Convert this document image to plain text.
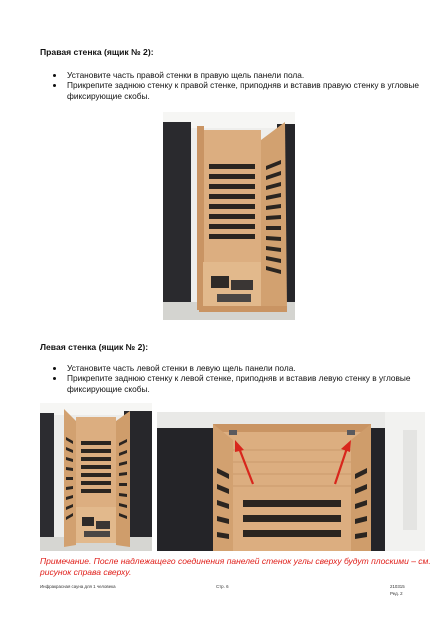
Правая стенка (ящик № 2):
Установите часть правой стенки в правую щель панели пола.
Прикрепите заднюю стенку к правой стенке, приподняв и вставив правую стенку в угловые фиксирующие скобы.
Левая стенка (ящик № 2):
Установите часть левой стенки в левую щель панели пола.
Прикрепите заднюю стенку к левой стенке, приподняв и вставив левую стенку в угловые фиксирующие скобы.
Примечание. После надлежащего соединения панелей стенок углы сверху будут плоскими – см. рисунок справа сверху.
Инфракрасная сауна для 1 человека	Стр. 6	210315
Ред. 2
